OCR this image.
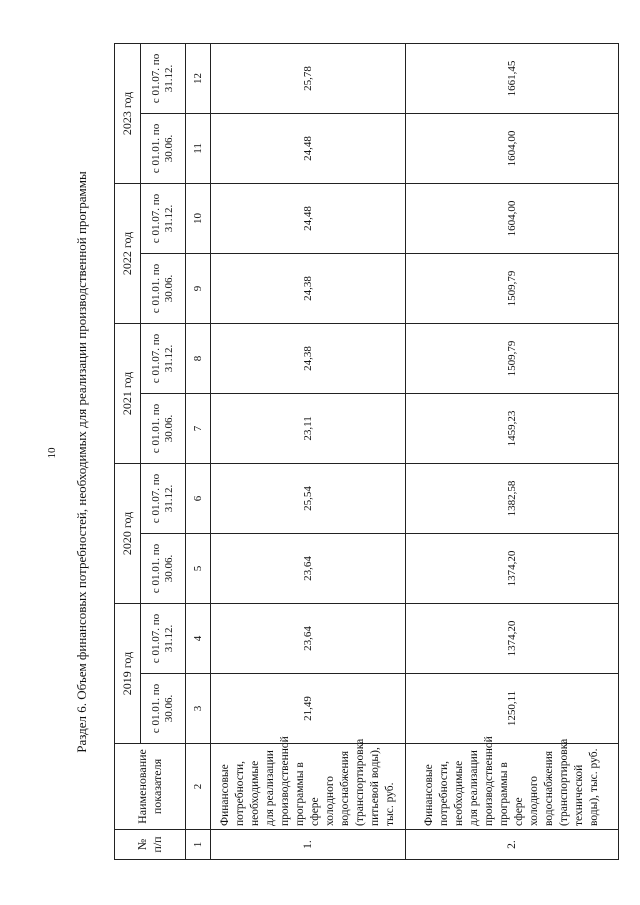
10	Раздел 6. Объем финансовых потребностей, необходимых для реализации производственной программы
№ п/п	Наименование показателя	2019 год		2020 год		2021 год		2022 год		2023 год	
		с 01.01. по 30.06.	с 01.07. по 31.12.	с 01.01. по 30.06.	с 01.07. по 31.12.	с 01.01. по 30.06.	с 01.07. по 31.12.	с 01.01. по 30.06.	с 01.07. по 31.12.	с 01.01. по 30.06.	с 01.07. по 31.12.
1	2	3	4	5	6	7	8	9	10	11	12
1.	Финансовые потребности, необходимые для реализации производственной программы в сфере холодного водоснабжения (транспортировка питьевой воды), тыс. руб.	21,49	23,64	23,64	25,54	23,11	24,38	24,38	24,48	24,48	25,78
2.	Финансовые потребности, необходимые для реализации производственной программы в сфере холодного водоснабжения (транспортировка технической воды), тыс. руб.	1250,11	1374,20	1374,20	1382,58	1459,23	1509,79	1509,79	1604,00	1604,00	1661,45
